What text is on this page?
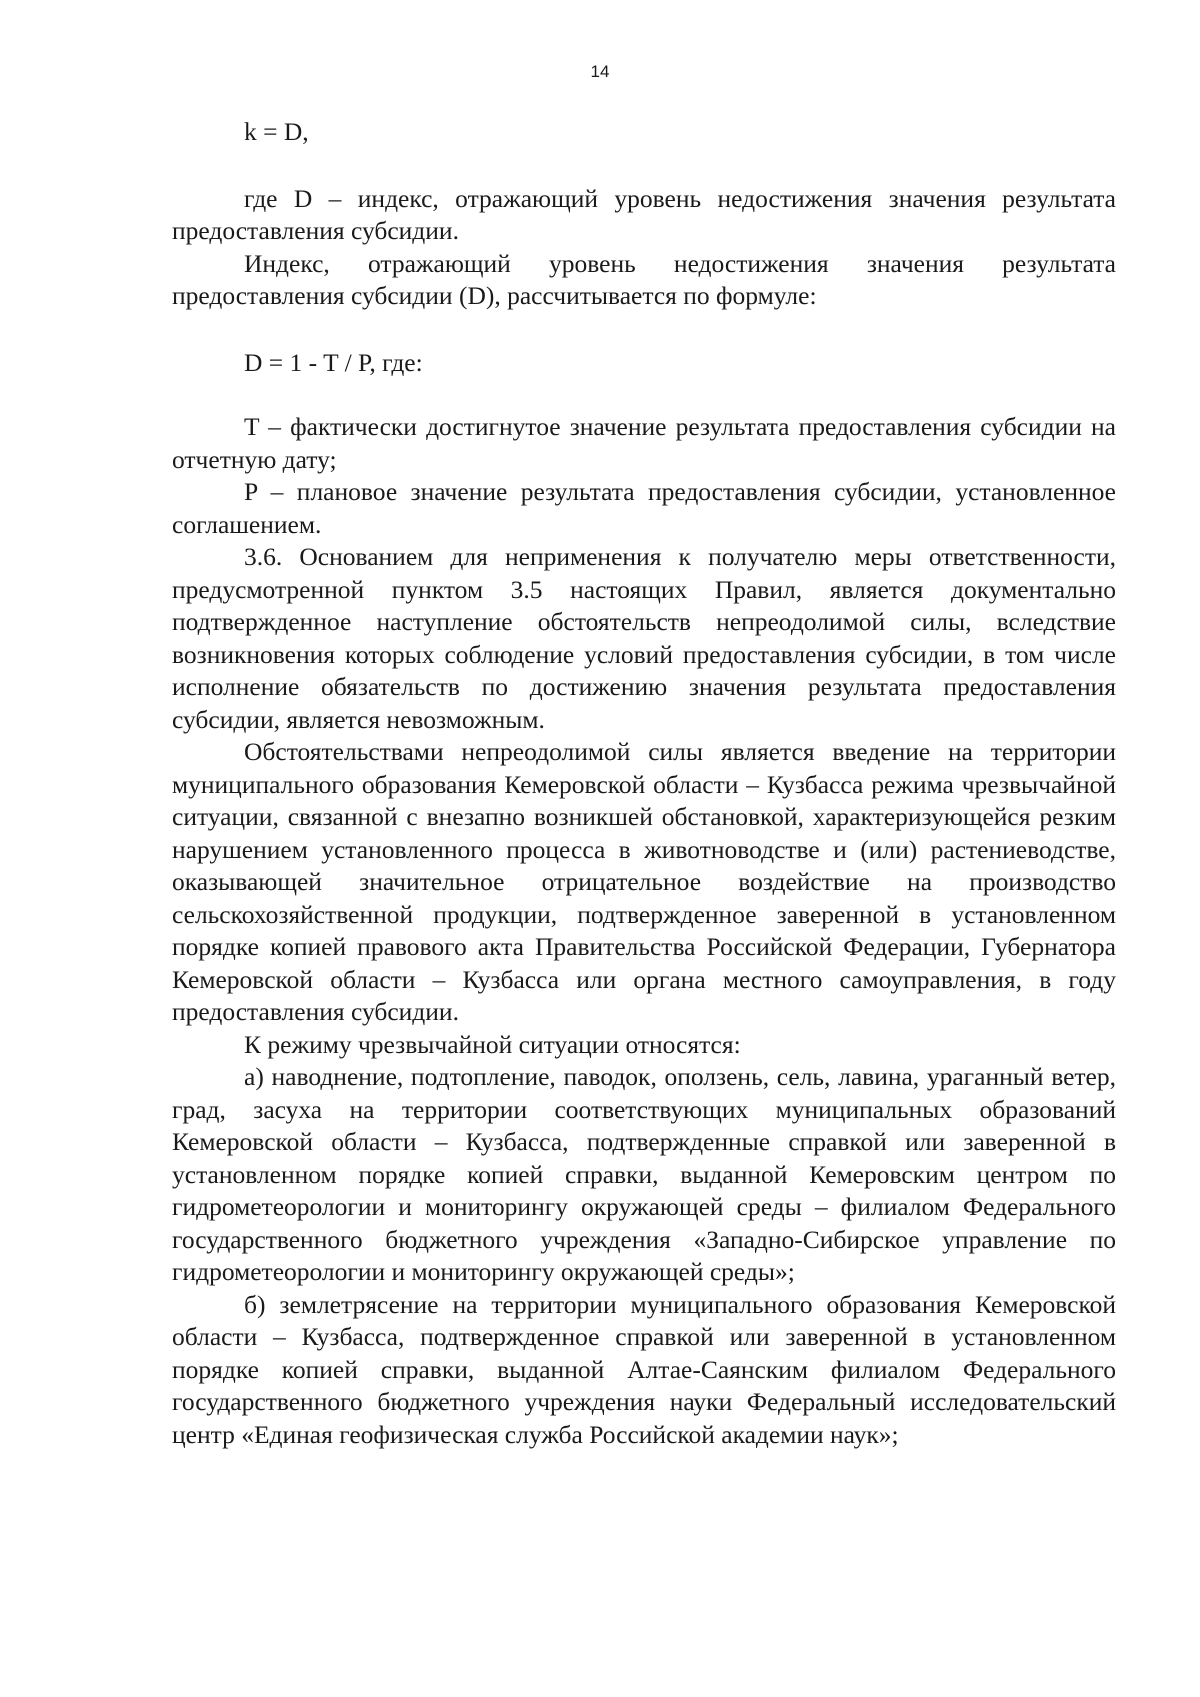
14

k = D,

где D – индекс, отражающий уровень недостижения значения результата предоставления субсидии.

Индекс, отражающий уровень недостижения значения результата предоставления субсидии (D), рассчитывается по формуле:

D = 1 - T / P, где:

T – фактически достигнутое значение результата предоставления субсидии на отчетную дату;

P – плановое значение результата предоставления субсидии, установленное соглашением.

3.6. Основанием для неприменения к получателю меры ответственности, предусмотренной пунктом 3.5 настоящих Правил, является документально подтвержденное наступление обстоятельств непреодолимой силы, вследствие возникновения которых соблюдение условий предоставления субсидии, в том числе исполнение обязательств по достижению значения результата предоставления субсидии, является невозможным.

Обстоятельствами непреодолимой силы является введение на территории муниципального образования Кемеровской области – Кузбасса режима чрезвычайной ситуации, связанной с внезапно возникшей обстановкой, характеризующейся резким нарушением установленного процесса в животноводстве и (или) растениеводстве, оказывающей значительное отрицательное воздействие на производство сельскохозяйственной продукции, подтвержденное заверенной в установленном порядке копией правового акта Правительства Российской Федерации, Губернатора Кемеровской области – Кузбасса или органа местного самоуправления, в году предоставления субсидии.

К режиму чрезвычайной ситуации относятся:

а) наводнение, подтопление, паводок, оползень, сель, лавина, ураганный ветер, град, засуха на территории соответствующих муниципальных образований Кемеровской области – Кузбасса, подтвержденные справкой или заверенной в установленном порядке копией справки, выданной Кемеровским центром по гидрометеорологии и мониторингу окружающей среды – филиалом Федерального государственного бюджетного учреждения «Западно-Сибирское управление по гидрометеорологии и мониторингу окружающей среды»;

б) землетрясение на территории муниципального образования Кемеровской области – Кузбасса, подтвержденное справкой или заверенной в установленном порядке копией справки, выданной Алтае-Саянским филиалом Федерального государственного бюджетного учреждения науки Федеральный исследовательский центр «Единая геофизическая служба Российской академии наук»;
